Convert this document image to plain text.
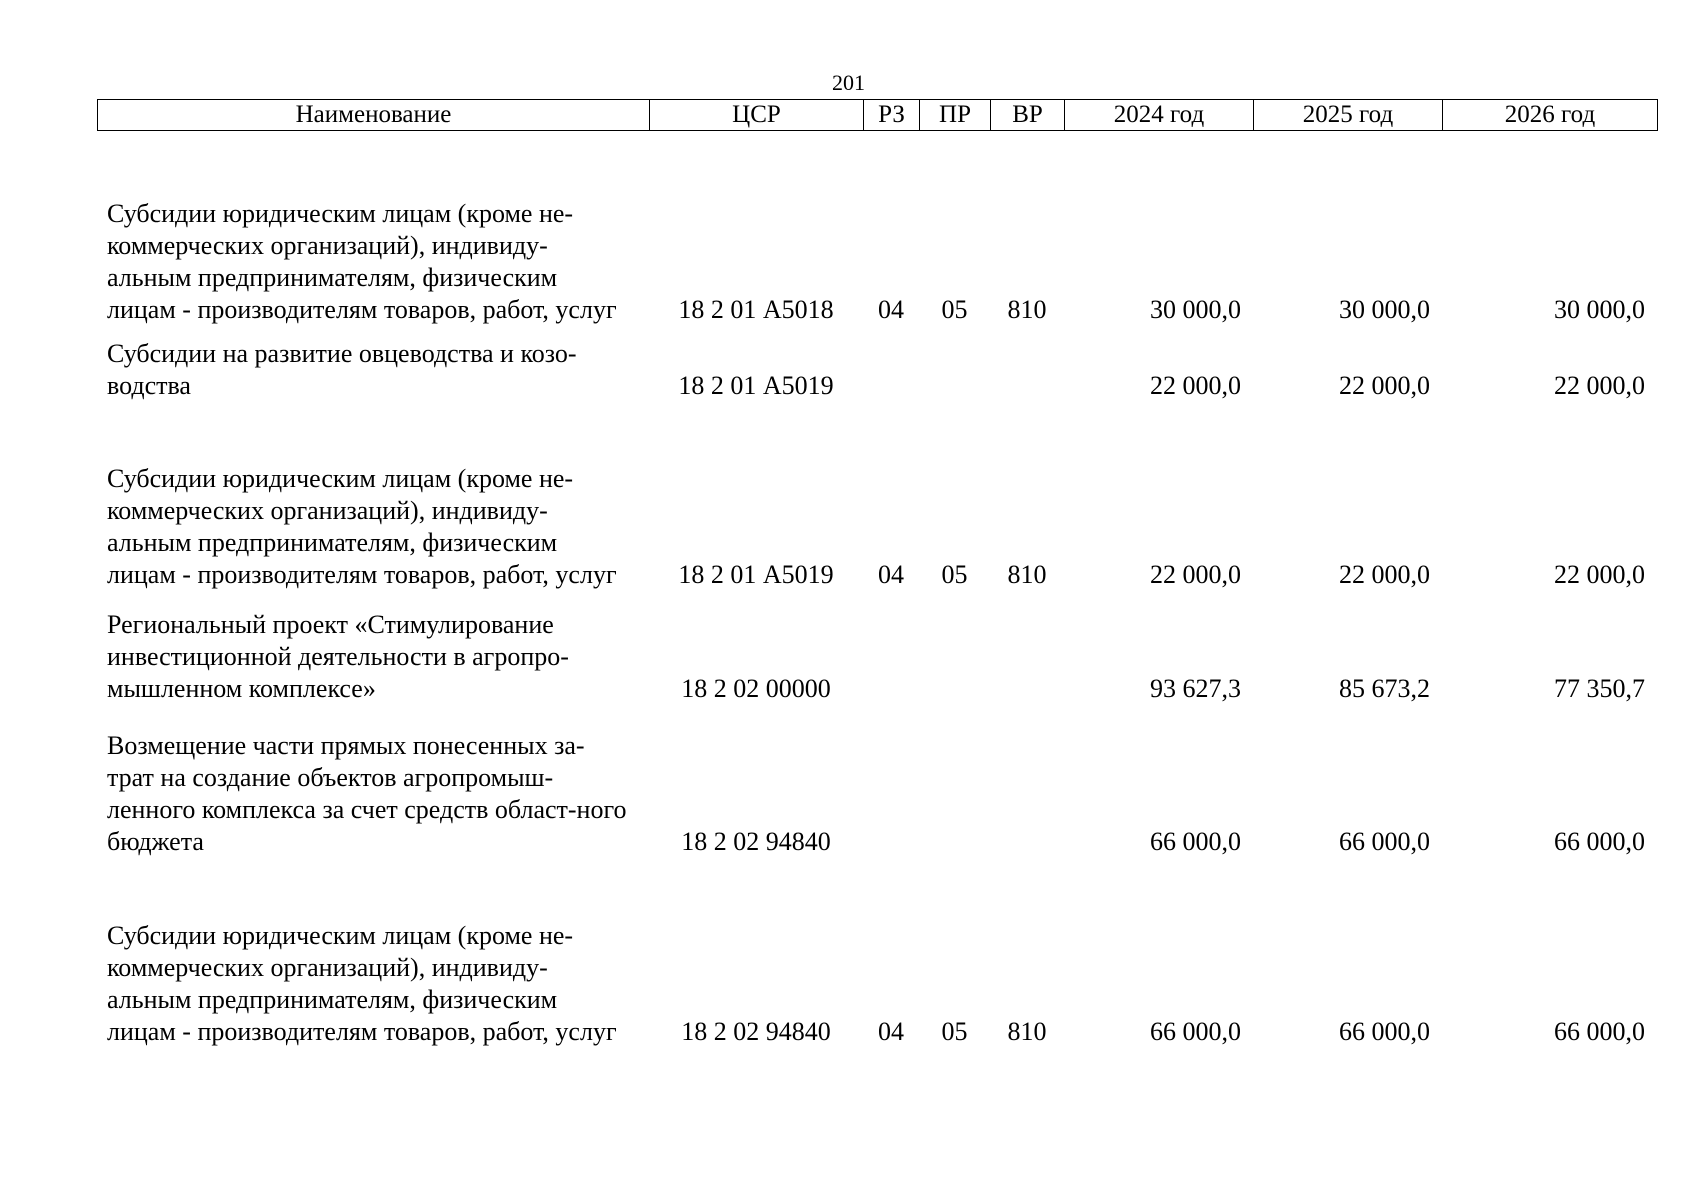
201
Наименование	ЦСР	РЗ	ПР	ВР	2024 год	2025 год	2026 год
Субсидии юридическим лицам (кроме не-коммерческих организаций), индивиду-альным предпринимателям, физическим лицам - производителям товаров, работ, услуг	18 2 01 А5018	04	05	810	30 000,0	30 000,0	30 000,0

Субсидии на развитие овцеводства и козо-водства	18 2 01 А5019				22 000,0	22 000,0	22 000,0

Субсидии юридическим лицам (кроме не-коммерческих организаций), индивиду-альным предпринимателям, физическим лицам - производителям товаров, работ, услуг	18 2 01 А5019	04	05	810	22 000,0	22 000,0	22 000,0

Региональный проект «Стимулирование инвестиционной деятельности в агропро-мышленном комплексе»	18 2 02 00000				93 627,3	85 673,2	77 350,7

Возмещение части прямых понесенных за-трат на создание объектов агропромыш-ленного комплекса за счет средств област-ного бюджета	18 2 02 94840				66 000,0	66 000,0	66 000,0

Субсидии юридическим лицам (кроме не-коммерческих организаций), индивиду-альным предпринимателям, физическим лицам - производителям товаров, работ, услуг	18 2 02 94840	04	05	810	66 000,0	66 000,0	66 000,0
